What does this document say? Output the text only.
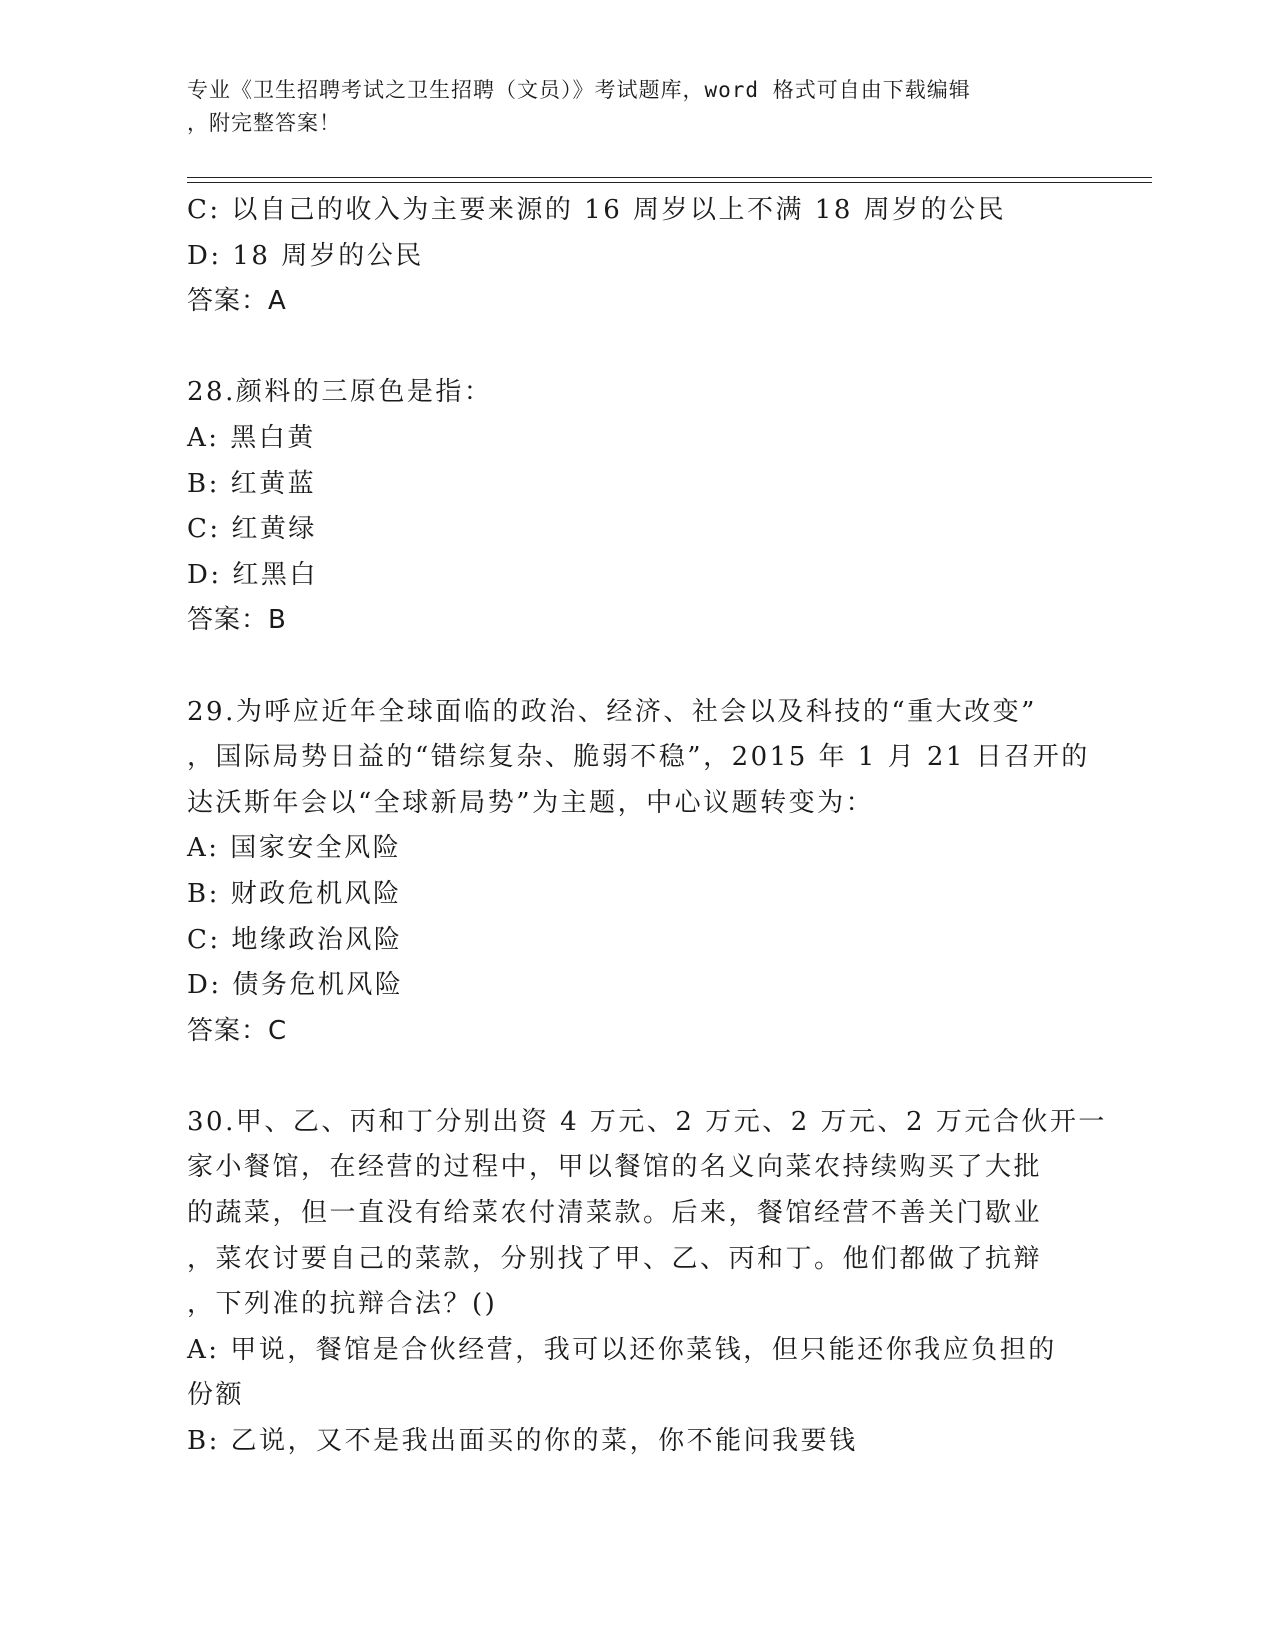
专业《卫生招聘考试之卫生招聘（文员）》考试题库，word 格式可自由下载编辑
，附完整答案！
C: 以自己的收入为主要来源的 16 周岁以上不满 18 周岁的公民
D: 18 周岁的公民
答案：A
28.颜料的三原色是指：
A: 黑白黄
B: 红黄蓝
C: 红黄绿
D: 红黑白
答案：B
29.为呼应近年全球面临的政治、经济、社会以及科技的“重大改变”
，国际局势日益的“错综复杂、脆弱不稳”，2015 年 1 月 21 日召开的
达沃斯年会以“全球新局势”为主题，中心议题转变为：
A: 国家安全风险
B: 财政危机风险
C: 地缘政治风险
D: 债务危机风险
答案：C
30.甲、乙、丙和丁分别出资 4 万元、2 万元、2 万元、2 万元合伙开一
家小餐馆，在经营的过程中，甲以餐馆的名义向菜农持续购买了大批
的蔬菜，但一直没有给菜农付清菜款。后来，餐馆经营不善关门歇业
，菜农讨要自己的菜款，分别找了甲、乙、丙和丁。他们都做了抗辩
，下列准的抗辩合法？()
A: 甲说，餐馆是合伙经营，我可以还你菜钱，但只能还你我应负担的
份额
B: 乙说，又不是我出面买的你的菜，你不能问我要钱
